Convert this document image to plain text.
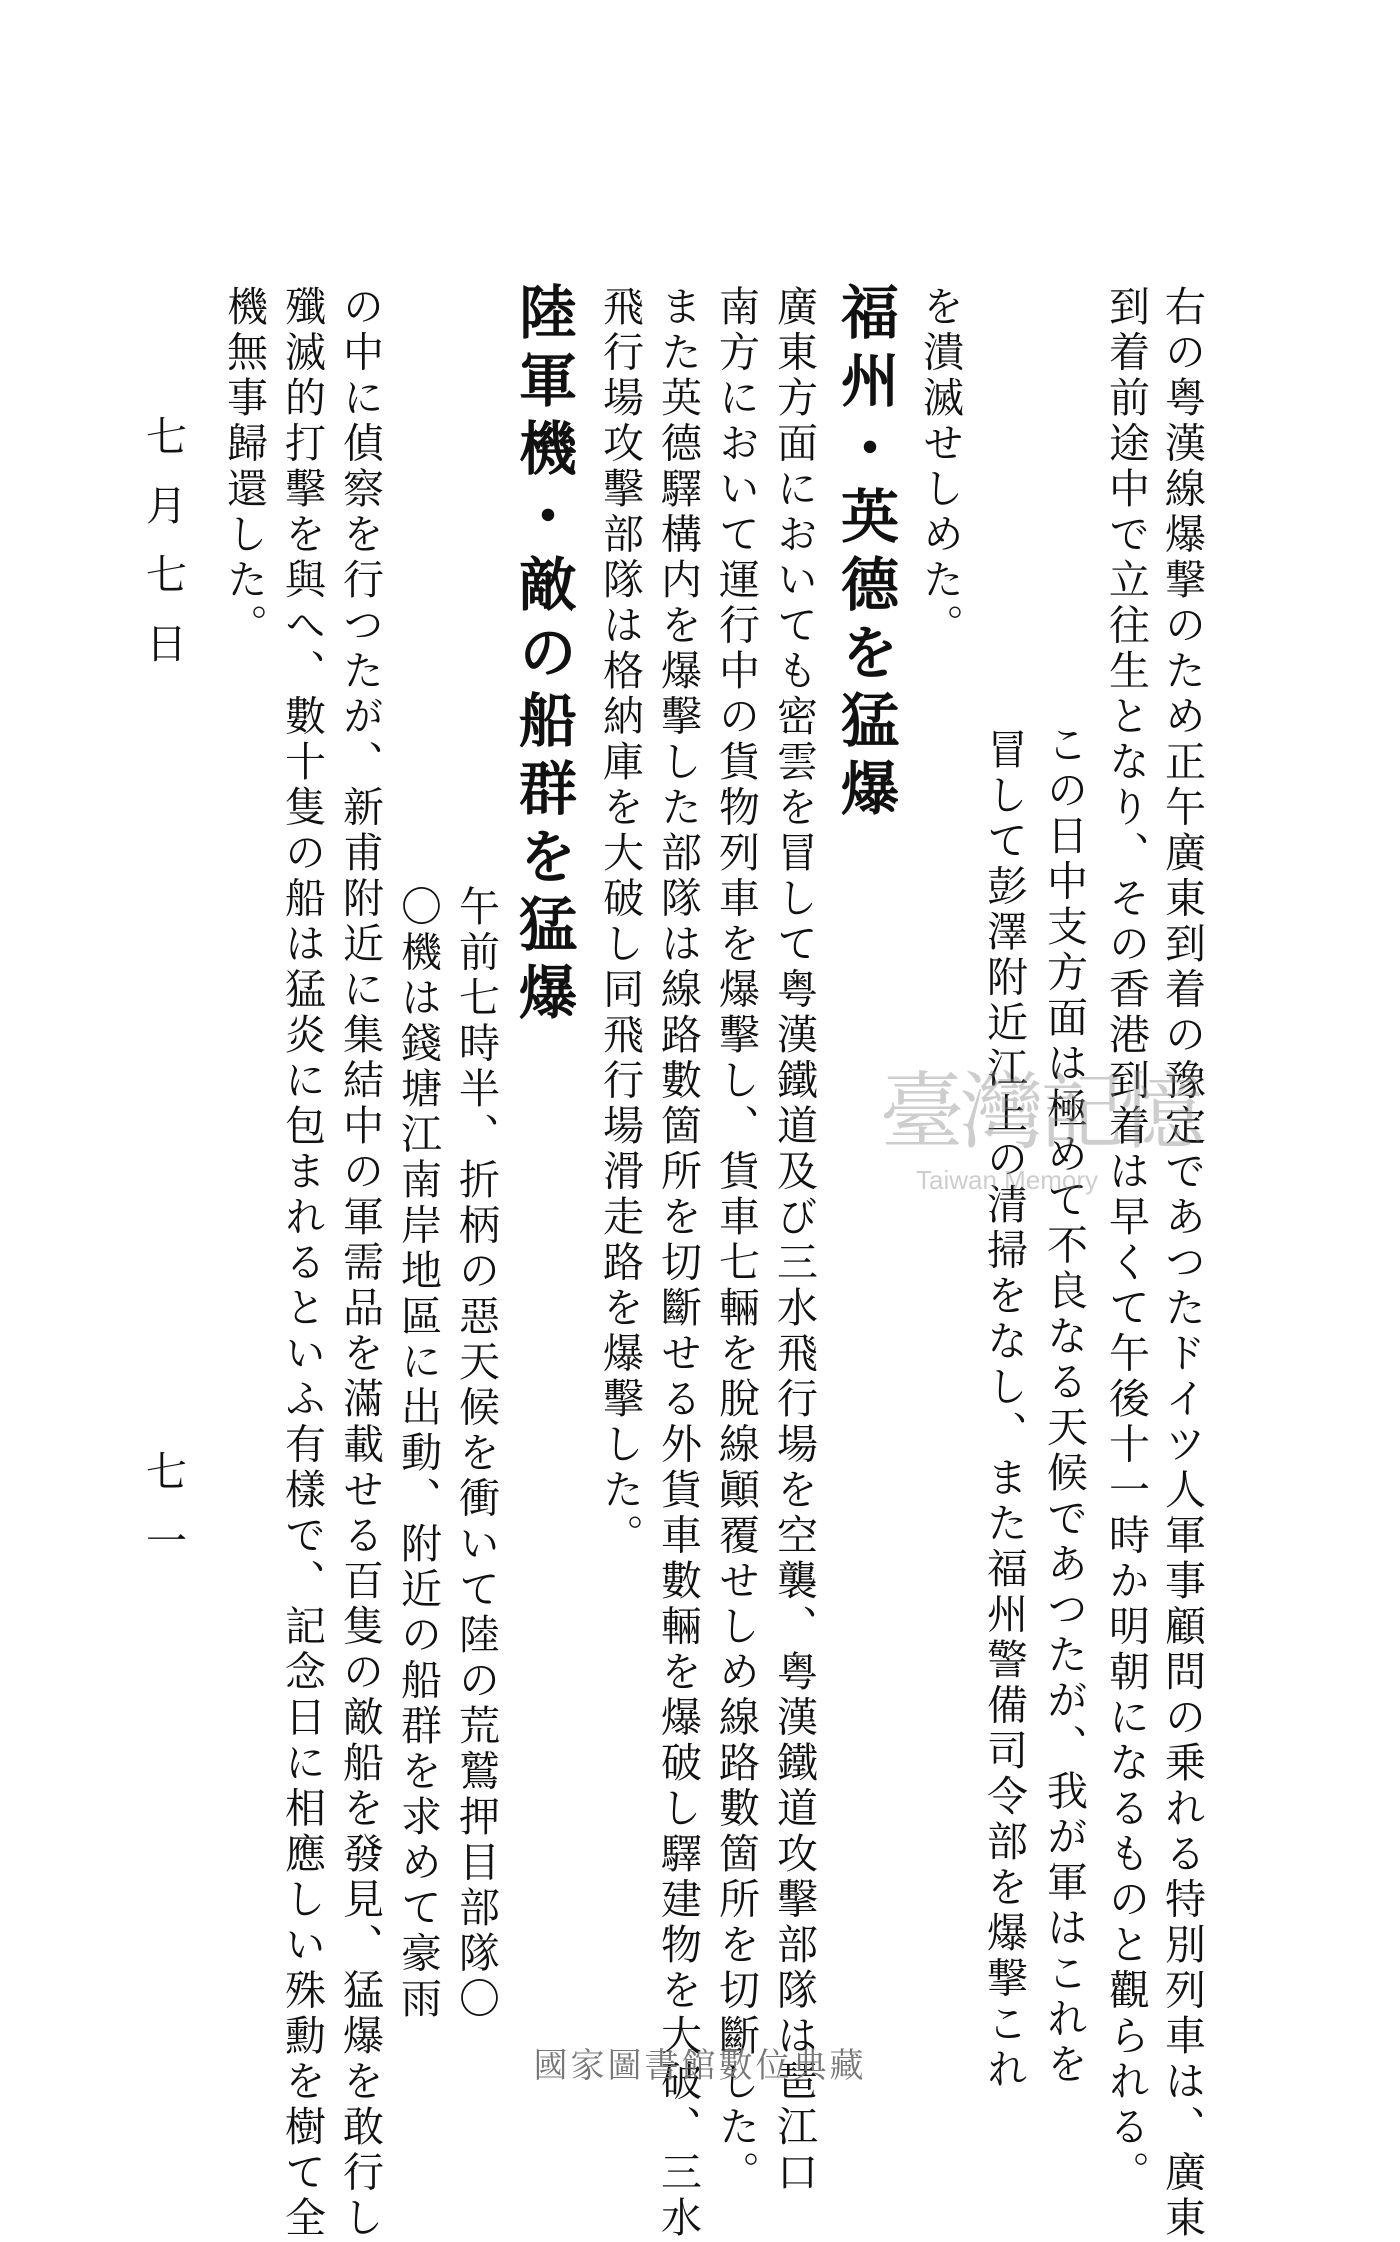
右の粤漢線爆撃のため正午廣東到着の豫定であつたドイツ人軍事顧問の乗れる特別列車は、廣東
到着前途中で立往生となり、その香港到着は早くて午後十一時か明朝になるものと觀られる。
この日中支方面は極めて不良なる天候であつたが、我が軍はこれを
冒して彭澤附近江上の清掃をなし、また福州警備司令部を爆撃これ
を潰滅せしめた。
福州・英德を猛爆
廣東方面においても密雲を冒して粤漢鐵道及び三水飛行場を空襲、粤漢鐵道攻擊部隊は琶江口
南方において運行中の貨物列車を爆擊し、貨車七輛を脫線顚覆せしめ線路數箇所を切斷した。
また英德驛構内を爆擊した部隊は線路數箇所を切斷せる外貨車數輛を爆破し驛建物を大破、三水
飛行場攻擊部隊は格納庫を大破し同飛行場滑走路を爆擊した。
陸軍機・敵の船群を猛爆
午前七時半、折柄の惡天候を衝いて陸の荒鷲押目部隊〇
〇機は錢塘江南岸地區に出動、附近の船群を求めて豪雨
の中に偵察を行つたが、新甫附近に集結中の軍需品を滿載せる百隻の敵船を發見、猛爆を敢行し
殲滅的打擊を與へ、數十隻の船は猛炎に包まれるといふ有樣で、記念日に相應しい殊勳を樹て全
機無事歸還した。
七月七日
七一
臺灣記憶
Taiwan Memory
國家圖書館數位典藏
